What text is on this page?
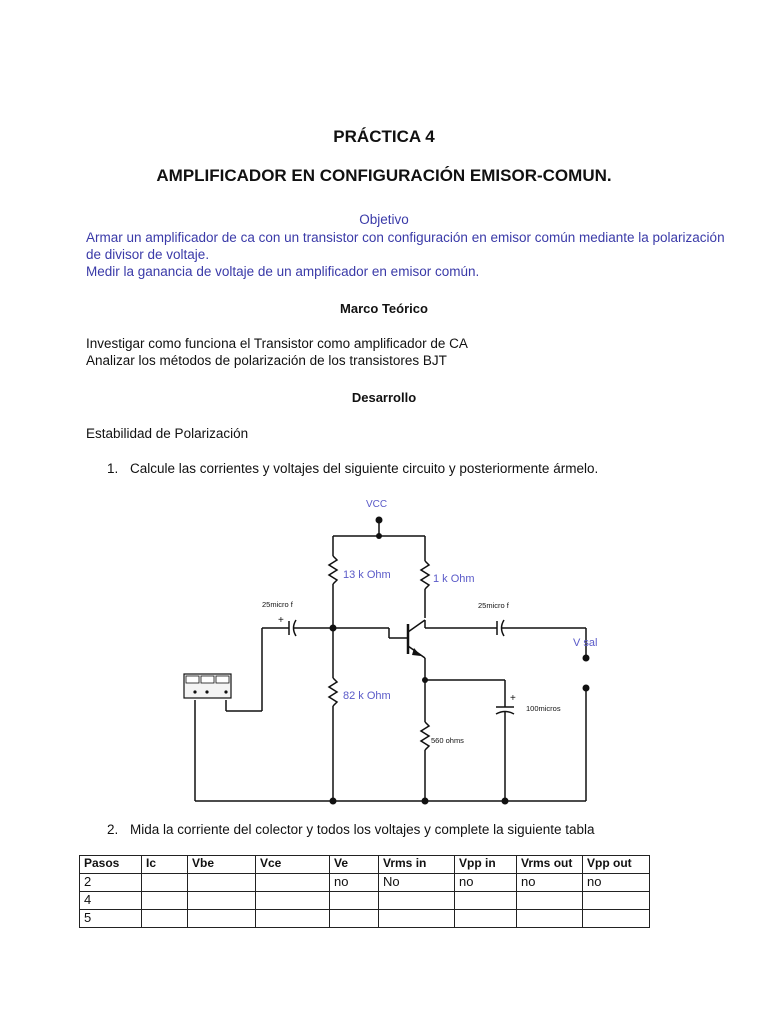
PRÁCTICA 4
AMPLIFICADOR EN CONFIGURACIÓN EMISOR-COMUN.
Objetivo
Armar un amplificador de ca con un transistor con configuración en emisor común mediante la polarización
de divisor de voltaje.
Medir la ganancia de voltaje de un amplificador en emisor común.
Marco Teórico
Investigar como funciona el Transistor como amplificador de CA
Analizar los métodos de polarización de los transistores BJT
Desarrollo
Estabilidad de Polarización
1. Calcule las corrientes y voltajes del siguiente circuito y posteriormente ármelo.
VCC
13 k Ohm	1 k Ohm
82 k Ohm
560 ohms
25micro f	25micro f
100micros
V sal
+
+
2. Mida la corriente del colector y todos los voltajes y complete la siguiente tabla
Pasos	Ic	Vbe	Vce	Ve	Vrms in	Vpp in	Vrms out	Vpp out
2				no	No	no	no	no
4								
5								
